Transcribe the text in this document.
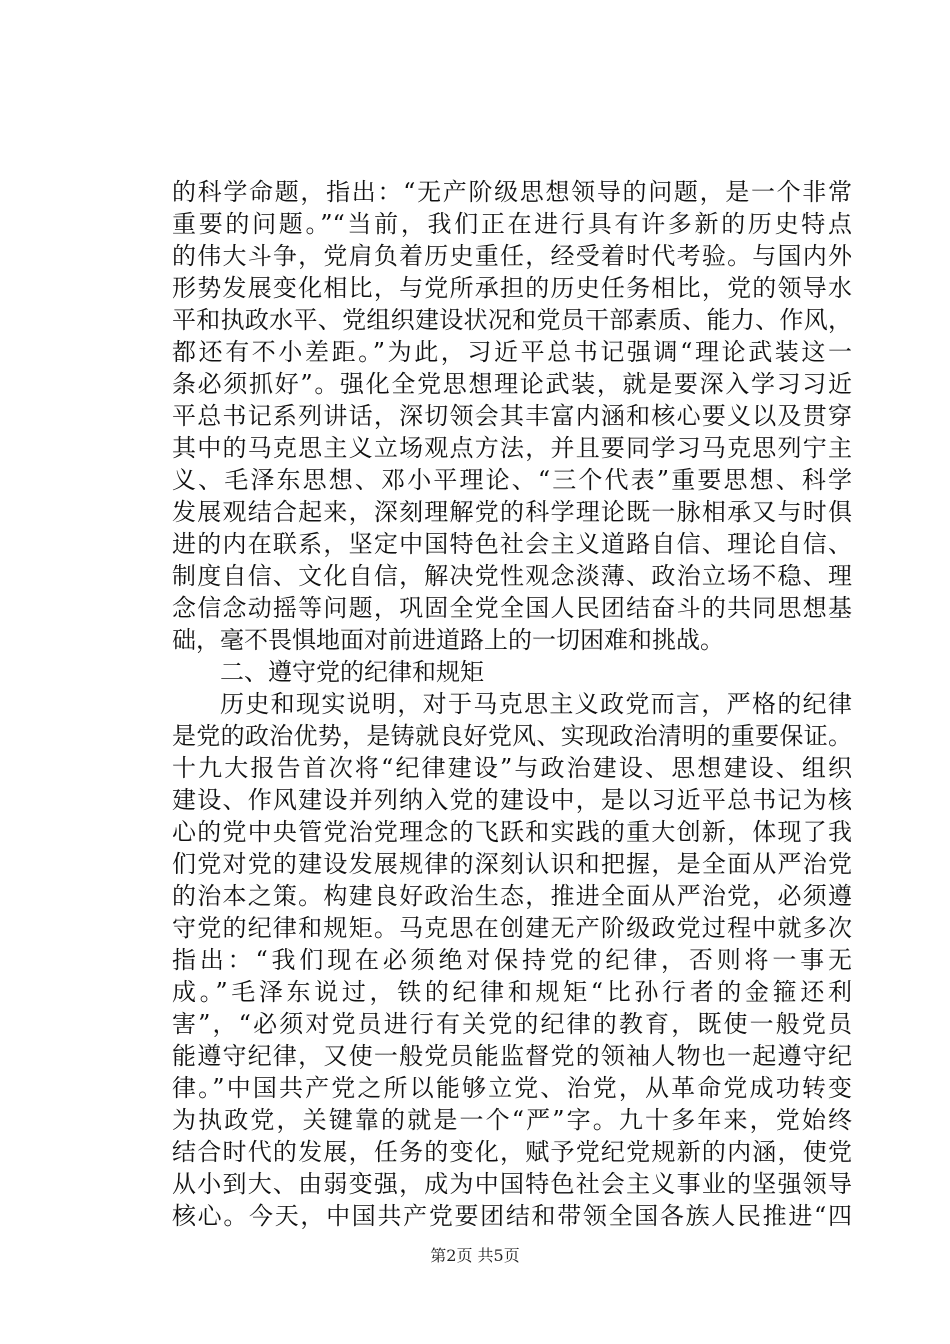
的科学命题，指出：“无产阶级思想领导的问题，是一个非常
重要的问题。”“当前，我们正在进行具有许多新的历史特点
的伟大斗争，党肩负着历史重任，经受着时代考验。与国内外
形势发展变化相比，与党所承担的历史任务相比，党的领导水
平和执政水平、党组织建设状况和党员干部素质、能力、作风，
都还有不小差距。”为此，习近平总书记强调“理论武装这一
条必须抓好”。强化全党思想理论武装，就是要深入学习习近
平总书记系列讲话，深切领会其丰富内涵和核心要义以及贯穿
其中的马克思主义立场观点方法，并且要同学习马克思列宁主
义、毛泽东思想、邓小平理论、“三个代表”重要思想、科学
发展观结合起来，深刻理解党的科学理论既一脉相承又与时俱
进的内在联系，坚定中国特色社会主义道路自信、理论自信、
制度自信、文化自信，解决党性观念淡薄、政治立场不稳、理
念信念动摇等问题，巩固全党全国人民团结奋斗的共同思想基
础，毫不畏惧地面对前进道路上的一切困难和挑战。
二、遵守党的纪律和规矩
历史和现实说明，对于马克思主义政党而言，严格的纪律
是党的政治优势，是铸就良好党风、实现政治清明的重要保证。
十九大报告首次将“纪律建设”与政治建设、思想建设、组织
建设、作风建设并列纳入党的建设中，是以习近平总书记为核
心的党中央管党治党理念的飞跃和实践的重大创新，体现了我
们党对党的建设发展规律的深刻认识和把握，是全面从严治党
的治本之策。构建良好政治生态，推进全面从严治党，必须遵
守党的纪律和规矩。马克思在创建无产阶级政党过程中就多次
指出：“我们现在必须绝对保持党的纪律，否则将一事无
成。”毛泽东说过，铁的纪律和规矩“比孙行者的金箍还利
害”，“必须对党员进行有关党的纪律的教育，既使一般党员
能遵守纪律，又使一般党员能监督党的领袖人物也一起遵守纪
律。”中国共产党之所以能够立党、治党，从革命党成功转变
为执政党，关键靠的就是一个“严”字。九十多年来，党始终
结合时代的发展，任务的变化，赋予党纪党规新的内涵，使党
从小到大、由弱变强，成为中国特色社会主义事业的坚强领导
核心。今天，中国共产党要团结和带领全国各族人民推进“四
第2页 共5页
